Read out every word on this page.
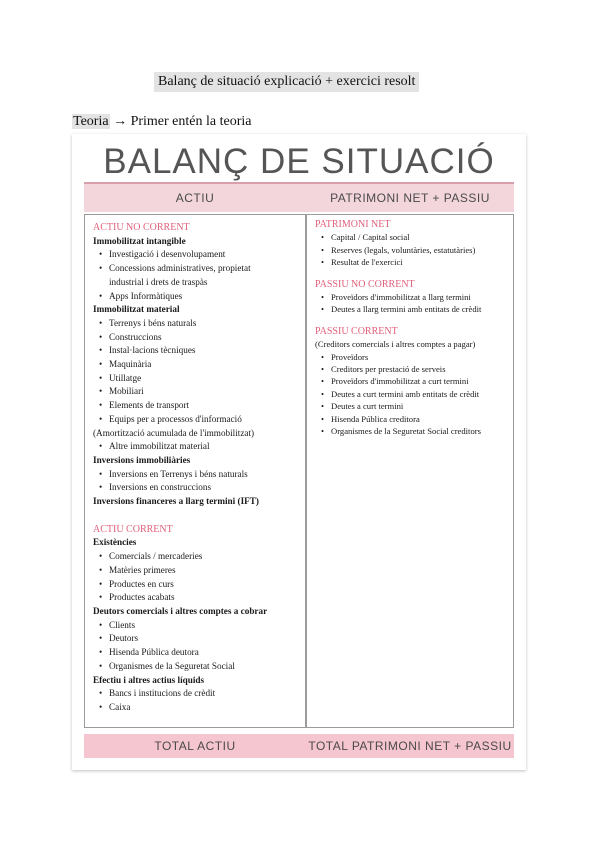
Balanç de situació explicació + exercici resolt
Teoria → Primer entén la teoria
BALANÇ DE SITUACIÓ
ACTIU	PATRIMONI NET + PASSIU
ACTIU NO CORRENT
Immobilitzat intangible
• Investigació i desenvolupament
• Concessions administratives, propietat
industrial i drets de traspàs
• Apps Informàtiques
Immobilitzat material
• Terrenys i béns naturals
• Construccions
• Instal·lacions tècniques
• Maquinària
• Utillatge
• Mobiliari
• Elements de transport
• Equips per a processos d'informació
(Amortització acumulada de l'immobilitzat)
• Altre immobilitzat material
Inversions immobiliàries
• Inversions en Terrenys i béns naturals
• Inversions en construccions
Inversions financeres a llarg termini (IFT)
ACTIU CORRENT
Existències
• Comercials / mercaderies
• Matèries primeres
• Productes en curs
• Productes acabats
Deutors comercials i altres comptes a cobrar
• Clients
• Deutors
• Hisenda Pública deutora
• Organismes de la Seguretat Social
Efectiu i altres actius líquids
• Bancs i institucions de crèdit
• Caixa
PATRIMONI NET
• Capital / Capital social
• Reserves (legals, voluntàries, estatutàries)
• Resultat de l'exercici
PASSIU NO CORRENT
• Proveïdors d'immobilitzat a llarg termini
• Deutes a llarg termini amb entitats de crèdit
PASSIU CORRENT
(Creditors comercials i altres comptes a pagar)
• Proveïdors
• Creditors per prestació de serveis
• Proveïdors d'immobilitzat a curt termini
• Deutes a curt termini amb entitats de crèdit
• Deutes a curt termini
• Hisenda Pública creditora
• Organismes de la Seguretat Social creditors
TOTAL ACTIU	TOTAL PATRIMONI NET + PASSIU
